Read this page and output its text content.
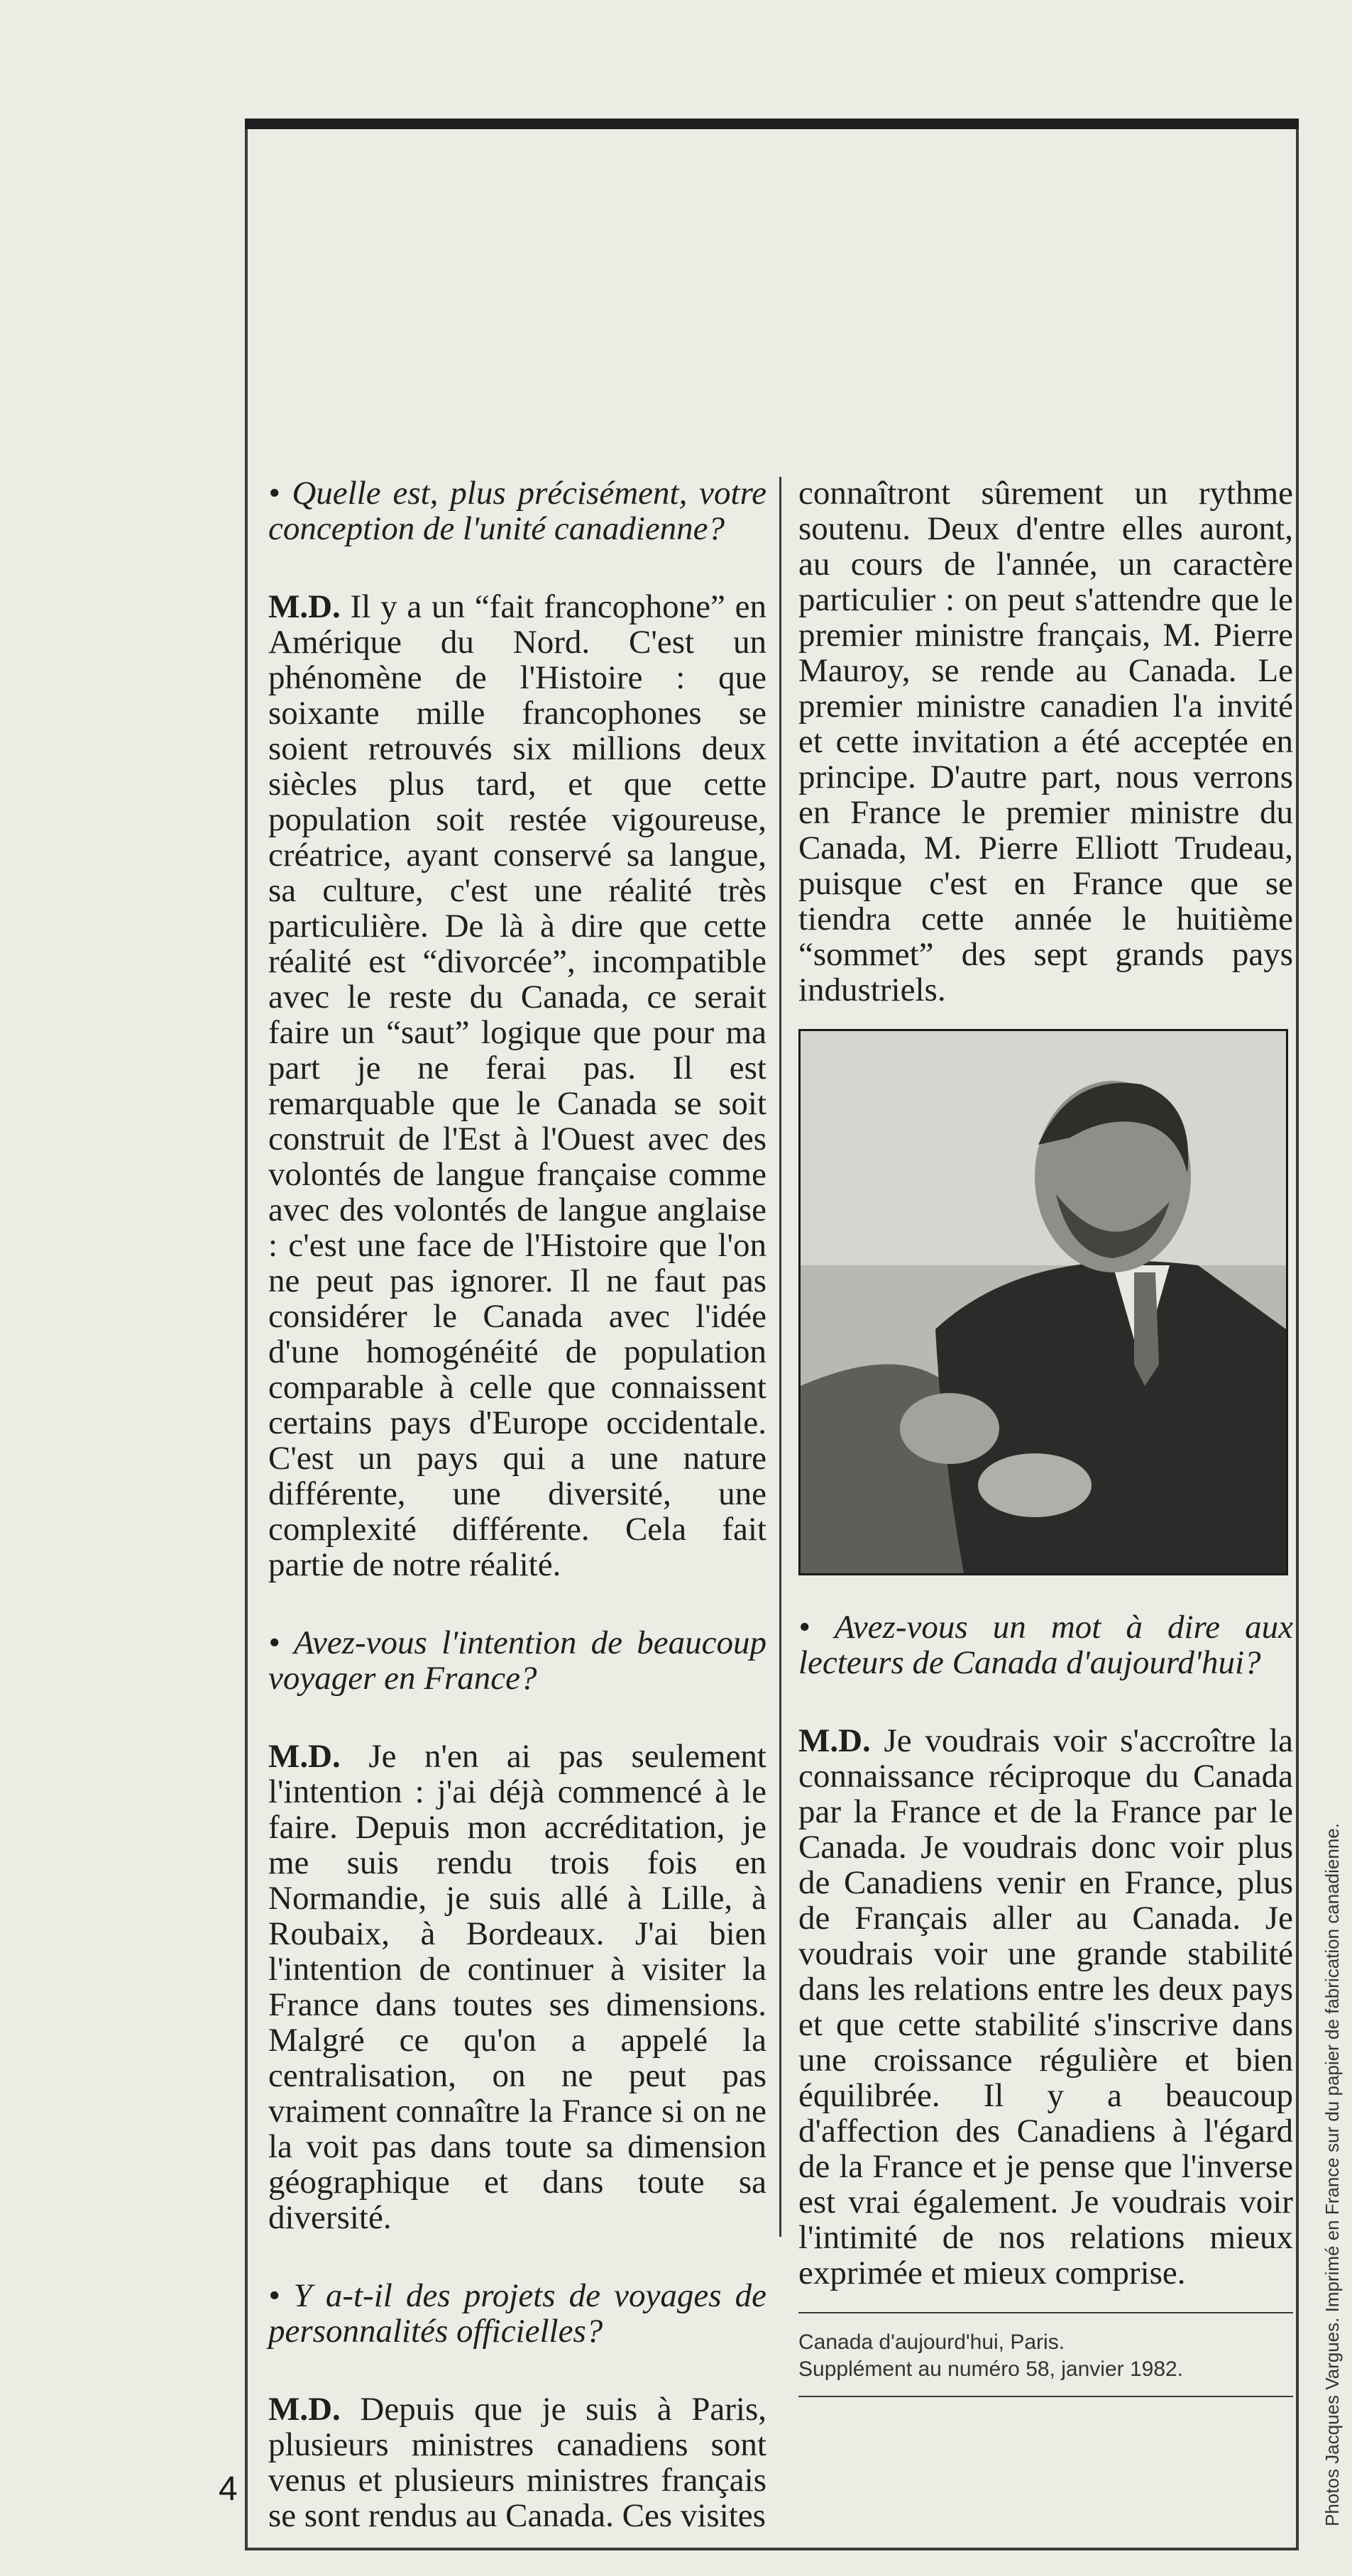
• Quelle est, plus précisément, votre conception de l'unité canadienne?

M.D. Il y a un “fait francophone” en Amérique du Nord. C'est un phénomène de l'Histoire : que soixante mille francophones se soient retrouvés six millions deux siècles plus tard, et que cette population soit restée vigoureuse, créatrice, ayant conservé sa langue, sa culture, c'est une réalité très particulière. De là à dire que cette réalité est “divorcée”, incompatible avec le reste du Canada, ce serait faire un “saut” logique que pour ma part je ne ferai pas. Il est remarquable que le Canada se soit construit de l'Est à l'Ouest avec des volontés de langue française comme avec des volontés de langue anglaise : c'est une face de l'Histoire que l'on ne peut pas ignorer. Il ne faut pas considérer le Canada avec l'idée d'une homogénéité de population comparable à celle que connaissent certains pays d'Europe occidentale. C'est un pays qui a une nature différente, une diversité, une complexité différente. Cela fait partie de notre réalité.

• Avez-vous l'intention de beaucoup voyager en France?

M.D. Je n'en ai pas seulement l'intention : j'ai déjà commencé à le faire. Depuis mon accréditation, je me suis rendu trois fois en Normandie, je suis allé à Lille, à Roubaix, à Bordeaux. J'ai bien l'intention de continuer à visiter la France dans toutes ses dimensions. Malgré ce qu'on a appelé la centralisation, on ne peut pas vraiment connaître la France si on ne la voit pas dans toute sa dimension géographique et dans toute sa diversité.

• Y a-t-il des projets de voyages de personnalités officielles?

M.D. Depuis que je suis à Paris, plusieurs ministres canadiens sont venus et plusieurs ministres français se sont rendus au Canada. Ces visites

connaîtront sûrement un rythme soutenu. Deux d'entre elles auront, au cours de l'année, un caractère particulier : on peut s'attendre que le premier ministre français, M. Pierre Mauroy, se rende au Canada. Le premier ministre canadien l'a invité et cette invitation a été acceptée en principe. D'autre part, nous verrons en France le premier ministre du Canada, M. Pierre Elliott Trudeau, puisque c'est en France que se tiendra cette année le huitième “sommet” des sept grands pays industriels.

• Avez-vous un mot à dire aux lecteurs de Canada d'aujourd'hui?

M.D. Je voudrais voir s'accroître la connaissance réciproque du Canada par la France et de la France par le Canada. Je voudrais donc voir plus de Canadiens venir en France, plus de Français aller au Canada. Je voudrais voir une grande stabilité dans les relations entre les deux pays et que cette stabilité s'inscrive dans une croissance régulière et bien équilibrée. Il y a beaucoup d'affection des Canadiens à l'égard de la France et je pense que l'inverse est vrai également. Je voudrais voir l'intimité de nos relations mieux exprimée et mieux comprise.

Canada d'aujourd'hui, Paris.
Supplément au numéro 58, janvier 1982.
4	Photos Jacques Vargues. Imprimé en France sur du papier de fabrication canadienne.
